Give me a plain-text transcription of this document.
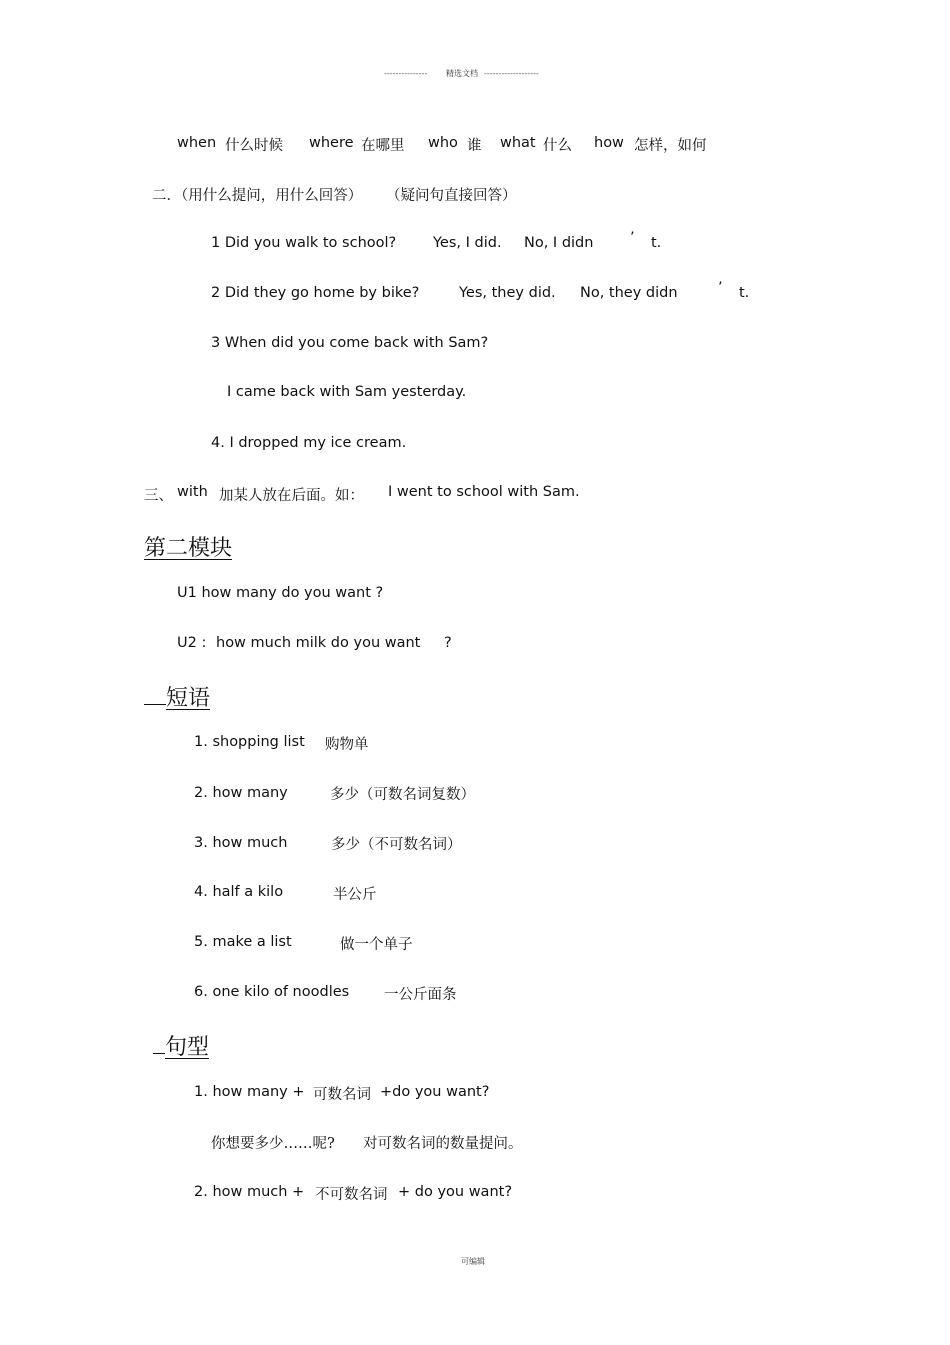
--------------- 精选文档 -------------------
when 什么时候 where 在哪里 who 谁 what 什么 how 怎样，如何
二．（用什么提问，用什么回答） （疑问句直接回答）
1 Did you walk to school?	Yes, I did. No, I didn	’ t.
2 Did they go home by bike?	Yes, they did. No, they didn	’ t.
3 When did you come back with Sam?
I came back with Sam yesterday.
4. I dropped my ice cream.
三、 with 加某人放在后面。如： I went to school with Sam.
第二模块
U1 how many do you want ?
U2 : how much milk do you want ?
短语
1. shopping list 购物单
2. how many	多少（可数名词复数）
3. how much	多少（不可数名词）
4. half a kilo	半公斤
5. make a list	做一个单子
6. one kilo of noodles 一公斤面条
句型
1. how many + 可数名词 +do you want?
你想要多少……呢? 对可数名词的数量提问。
2. how much + 不可数名词 + do you want?
可编辑
